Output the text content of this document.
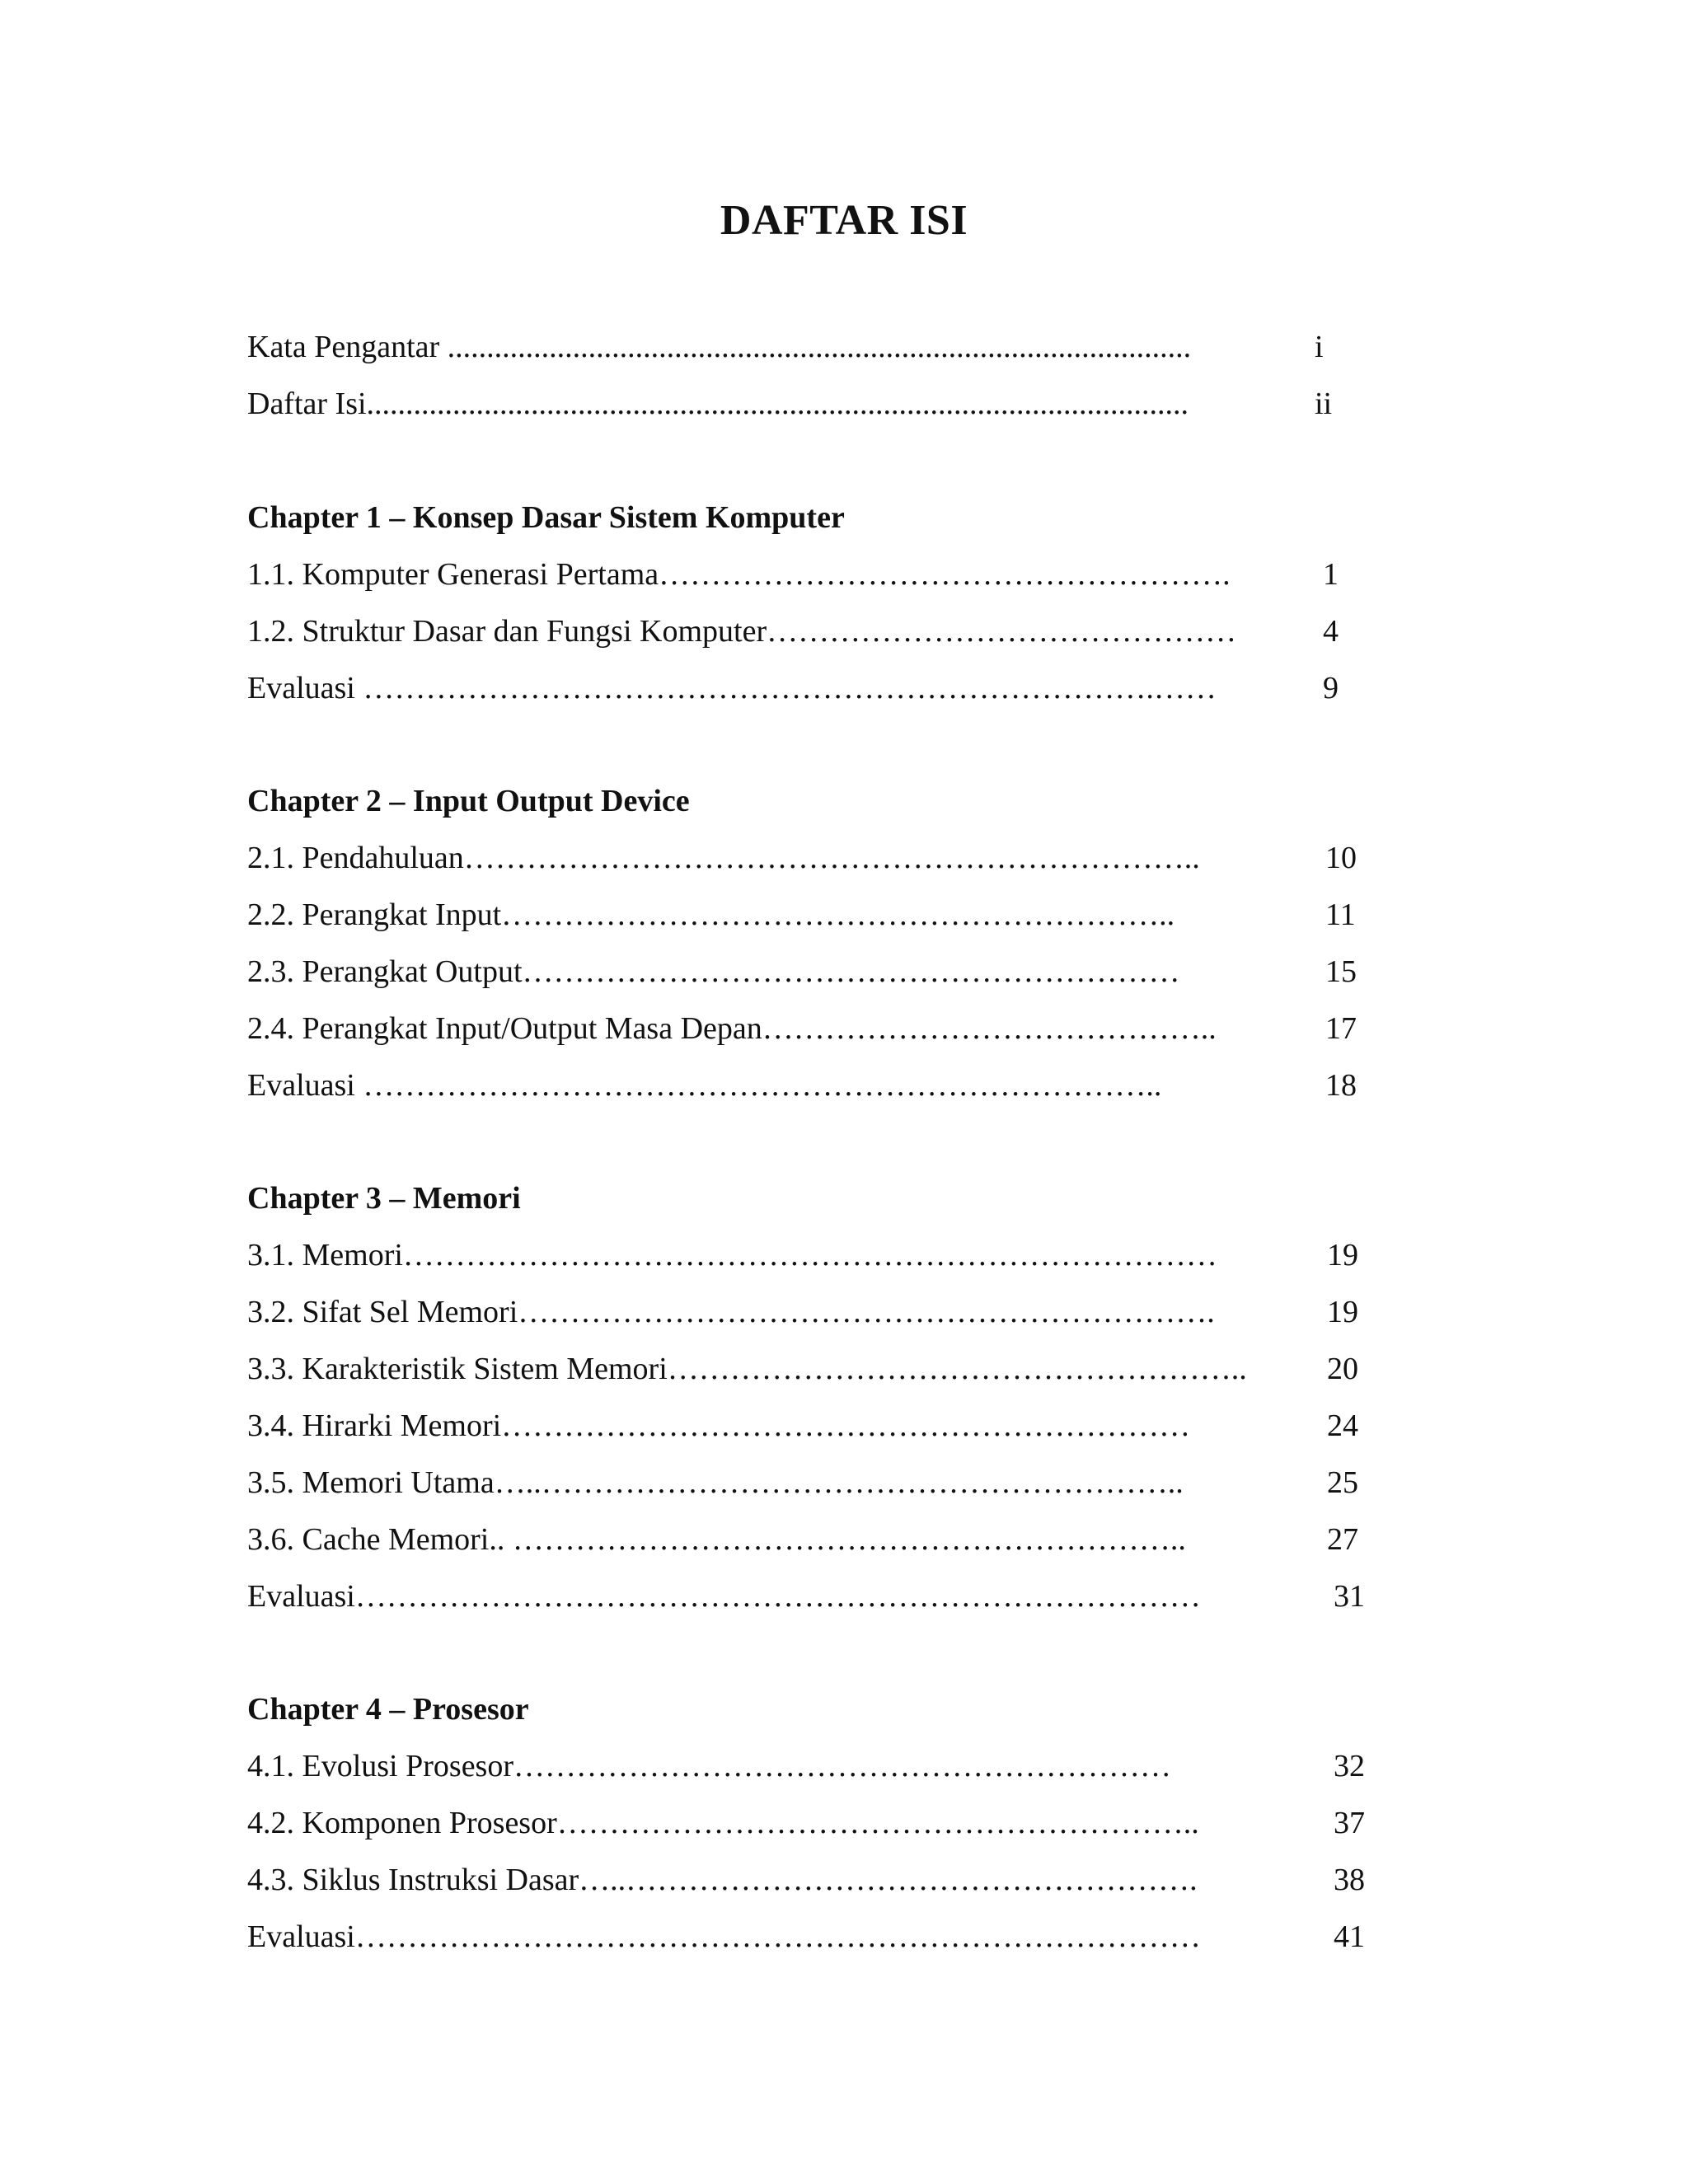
DAFTAR ISI
Kata Pengantar ...............................................................................................	i
Daftar Isi.........................................................................................................	ii
Chapter 1 – Konsep Dasar Sistem Komputer
1.1. Komputer Generasi Pertama……………………………………………….	1
1.2. Struktur Dasar dan Fungsi Komputer………………………………………	4
Evaluasi ………………………………………………………………….……	9
Chapter 2 – Input Output Device
2.1. Pendahuluan……………………………………………………………..	10
2.2. Perangkat Input………………………………………………………..	11
2.3. Perangkat Output………………………………………………………	15
2.4. Perangkat Input/Output Masa Depan……………………………………..	17
Evaluasi …………………………………………………………………..	18
Chapter 3 – Memori
3.1. Memori……………………………………………………………………	19
3.2. Sifat Sel Memori………………………………………………………….	19
3.3. Karakteristik Sistem Memori………………………………………………..	20
3.4. Hirarki Memori…………………………………………………………	24
3.5. Memori Utama…..……………………………………………………..	25
3.6. Cache Memori.. ………………………………………………………..	27
Evaluasi………………………………………………………………………	31
Chapter 4 – Prosesor
4.1. Evolusi Prosesor………………………………………………………	32
4.2. Komponen Prosesor……………………………………………………..	37
4.3. Siklus Instruksi Dasar…..……………………………………………….	38
Evaluasi………………………………………………………………………	41
